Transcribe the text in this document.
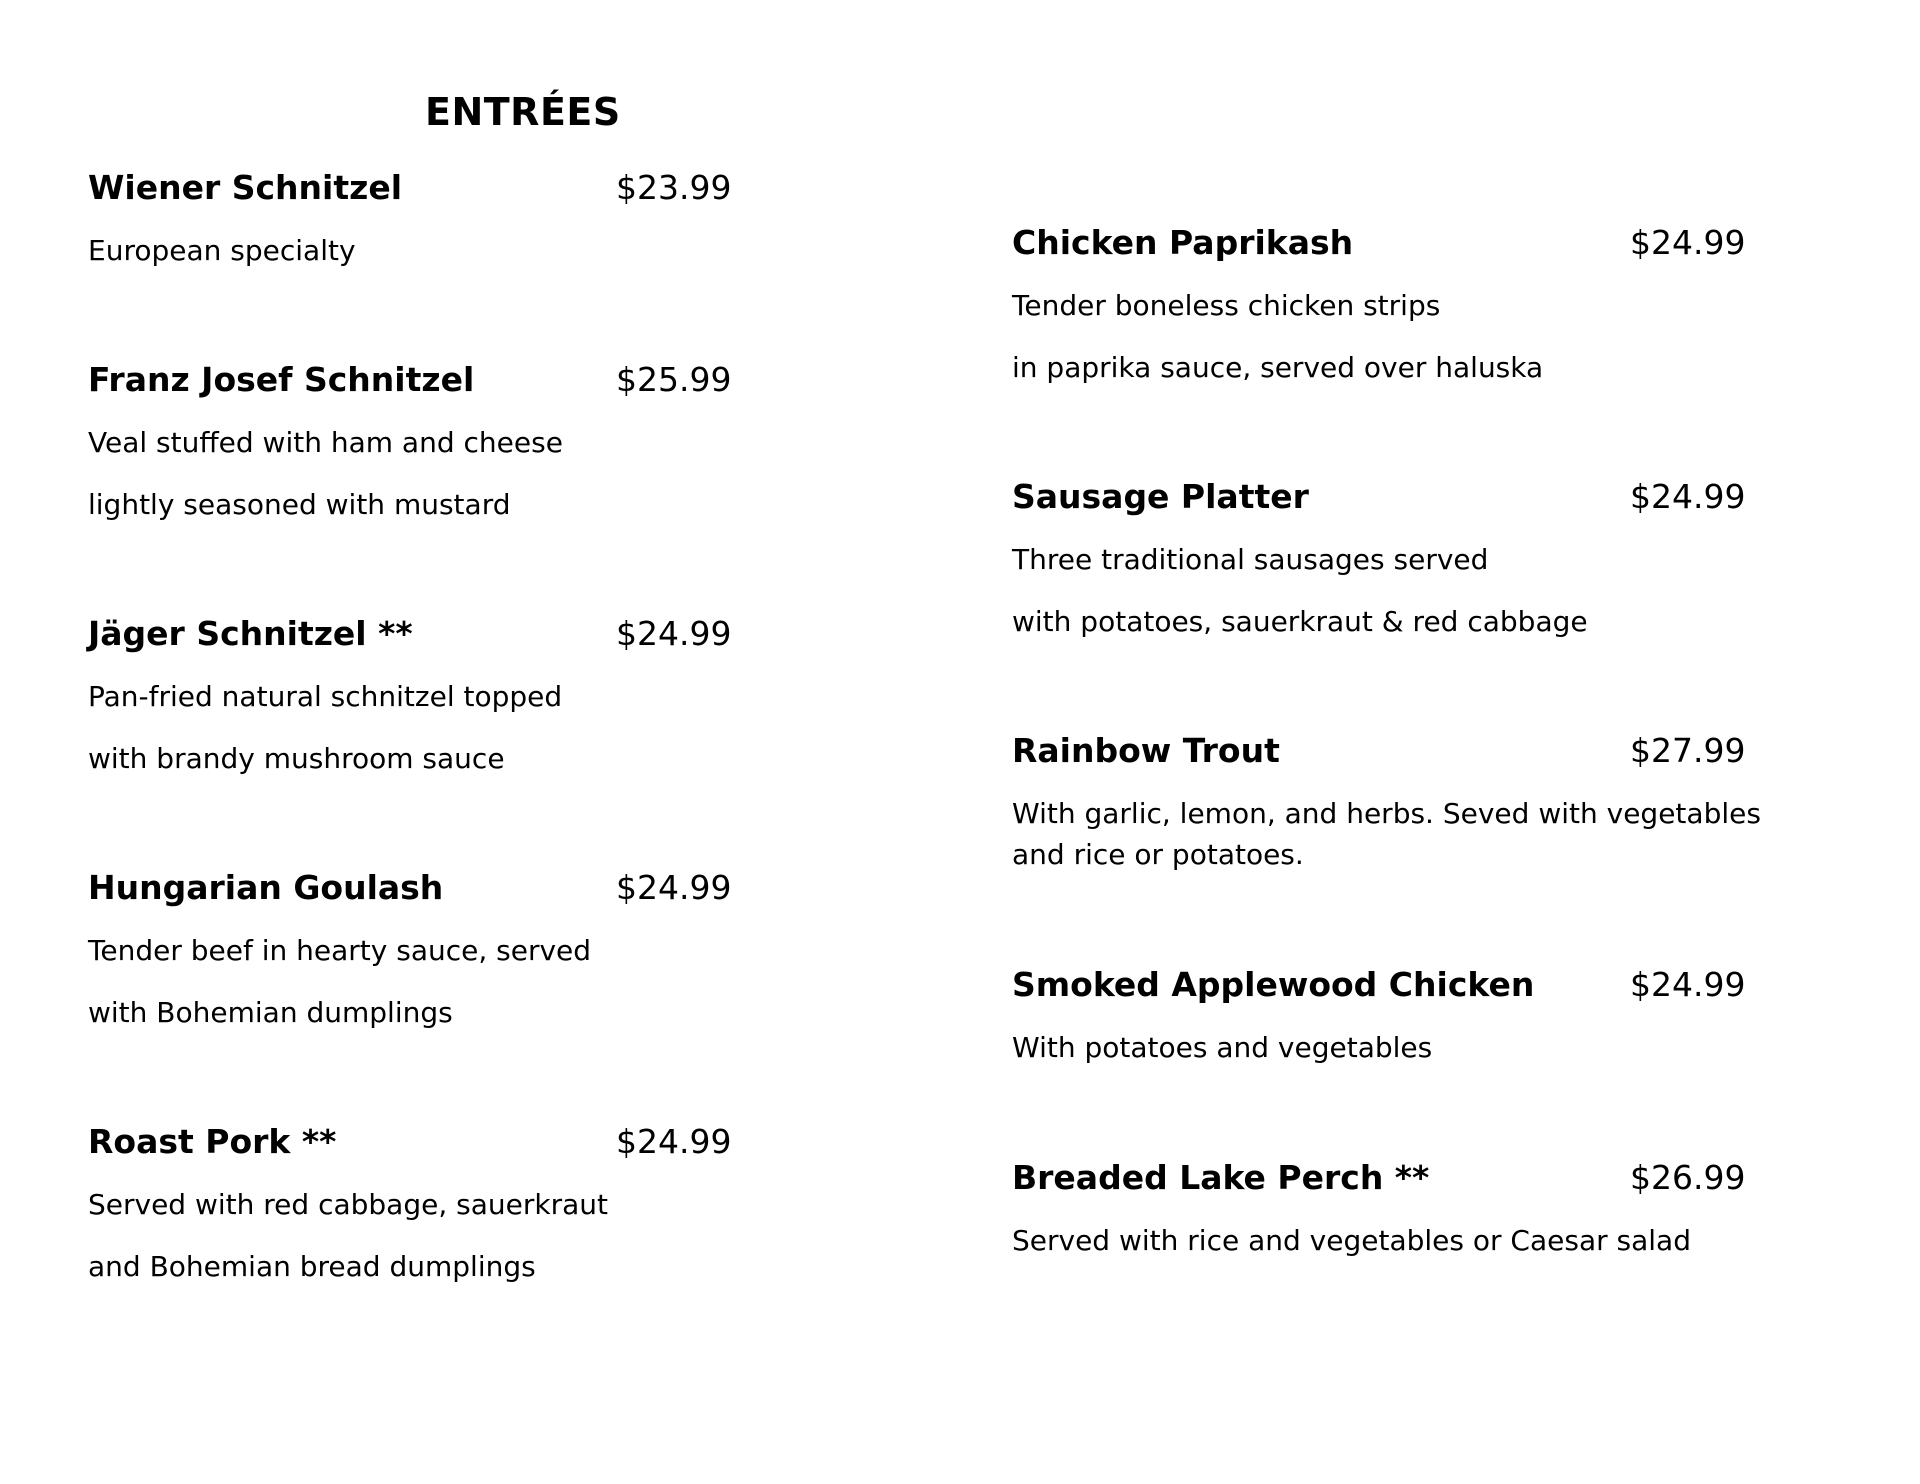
ENTRÉES
Wiener Schnitzel	$23.99
European specialty
Franz Josef Schnitzel	$25.99
Veal stuffed with ham and cheese
lightly seasoned with mustard
Jäger Schnitzel **	$24.99
Pan-fried natural schnitzel topped
with brandy mushroom sauce
Hungarian Goulash	$24.99
Tender beef in hearty sauce, served
with Bohemian dumplings
Roast Pork **	$24.99
Served with red cabbage, sauerkraut
and Bohemian bread dumplings
Chicken Paprikash	$24.99
Tender boneless chicken strips
in paprika sauce, served over haluska
Sausage Platter	$24.99
Three traditional sausages served
with potatoes, sauerkraut & red cabbage
Rainbow Trout	$27.99
With garlic, lemon, and herbs. Seved with vegetables
and rice or potatoes.
Smoked Applewood Chicken	$24.99
With potatoes and vegetables
Breaded Lake Perch **	$26.99
Served with rice and vegetables or Caesar salad
